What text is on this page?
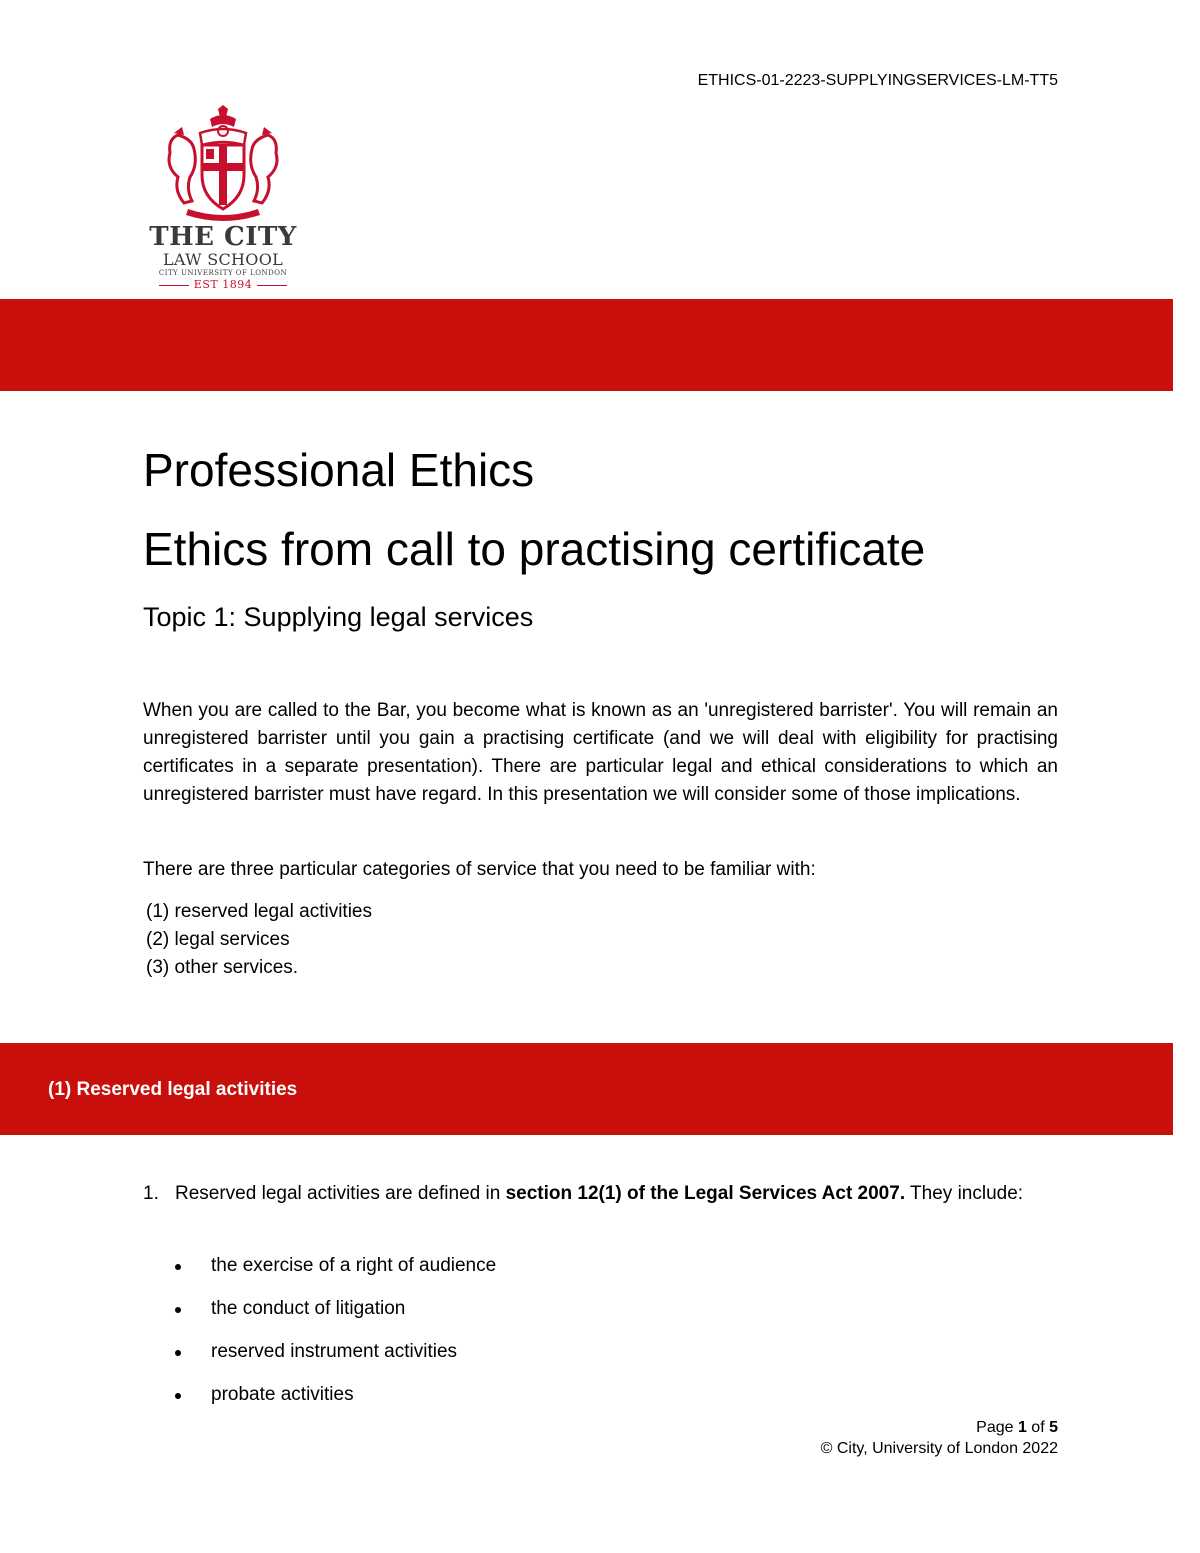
ETHICS-01-2223-SUPPLYINGSERVICES-LM-TT5
THE CITY
LAW SCHOOL
CITY UNIVERSITY OF LONDON
EST 1894
Professional Ethics
Ethics from call to practising certificate
Topic 1: Supplying legal services

When you are called to the Bar, you become what is known as an 'unregistered barrister'. You will remain an unregistered barrister until you gain a practising certificate (and we will deal with eligibility for practising certificates in a separate presentation). There are particular legal and ethical considerations to which an unregistered barrister must have regard. In this presentation we will consider some of those implications.

There are three particular categories of service that you need to be familiar with:

(1) reserved legal activities
(2) legal services
(3) other services.
(1) Reserved legal activities
1. Reserved legal activities are defined in section 12(1) of the Legal Services Act 2007. They include:

the exercise of a right of audience
the conduct of litigation
reserved instrument activities
probate activities
Page 1 of 5
© City, University of London 2022
